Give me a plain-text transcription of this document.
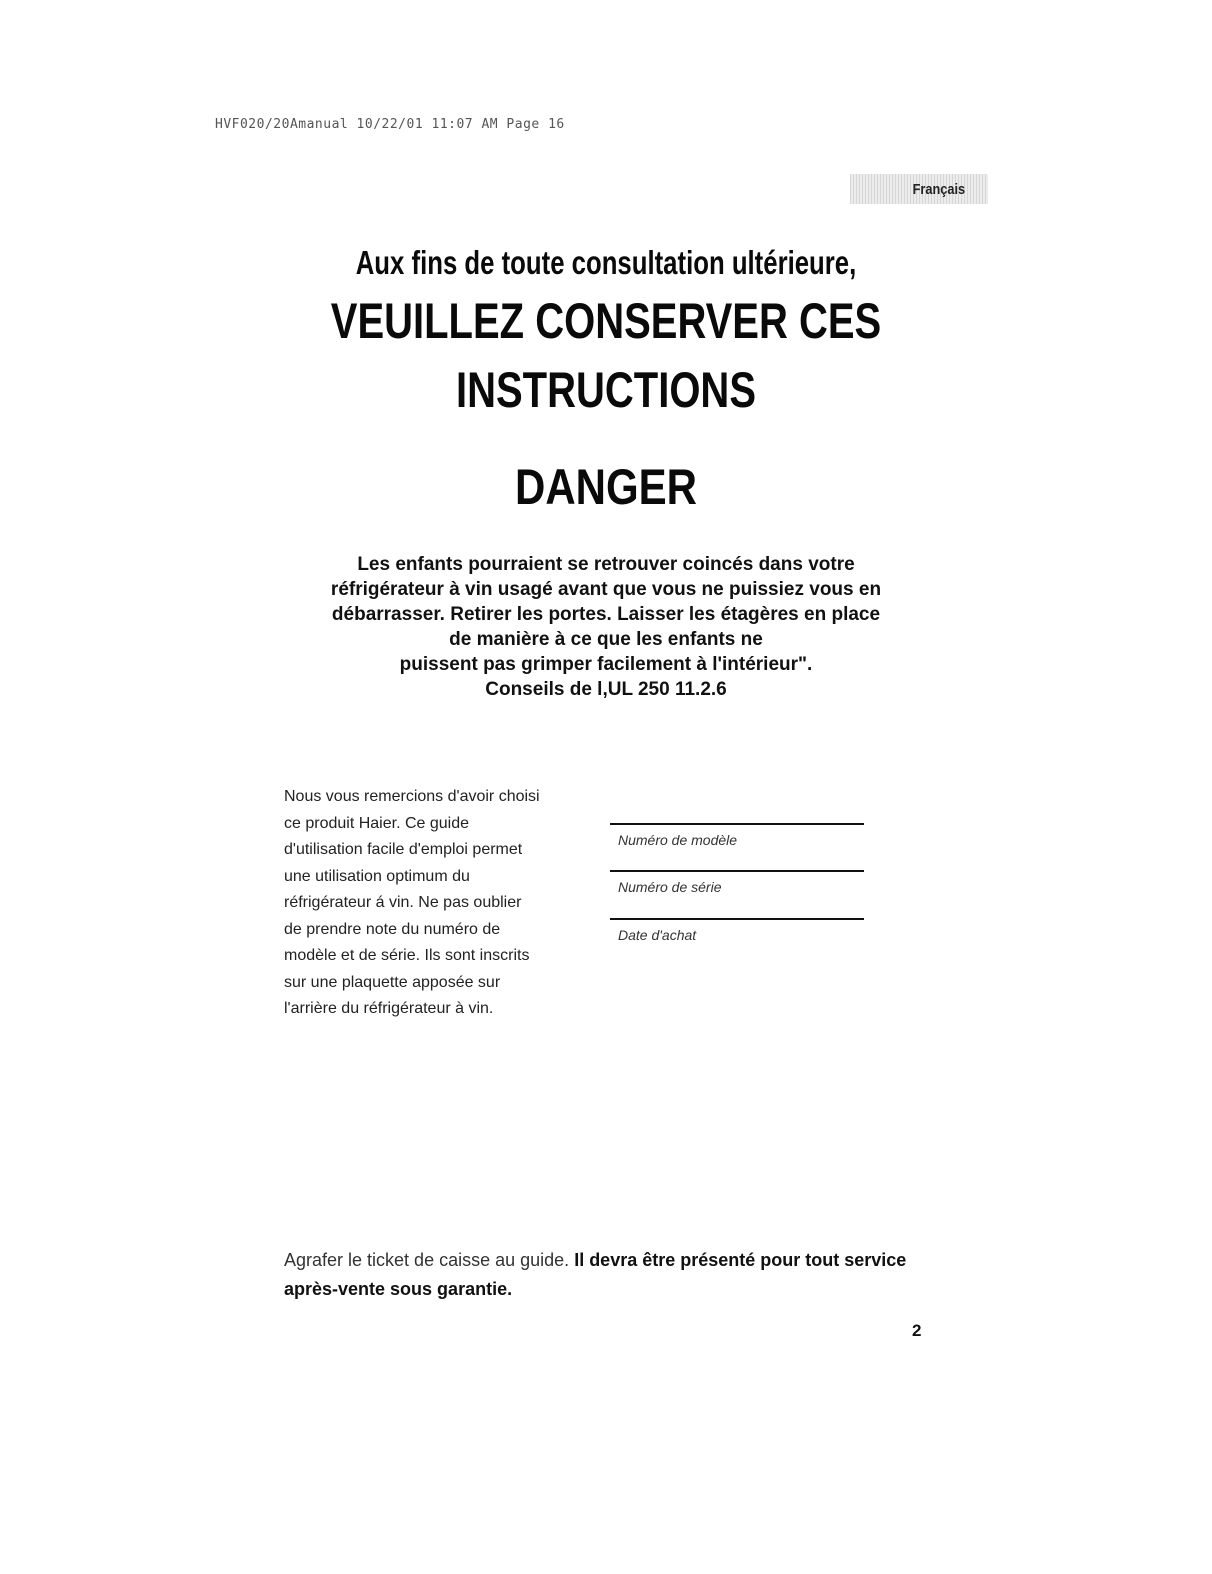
HVF020/20Amanual 10/22/01 11:07 AM Page 16
Français
Aux fins de toute consultation ultérieure,
VEUILLEZ CONSERVER CES
INSTRUCTIONS
DANGER
Les enfants pourraient se retrouver coincés dans votre
réfrigérateur à vin usagé avant que vous ne puissiez vous en
débarrasser. Retirer les portes. Laisser les étagères en place
de manière à ce que les enfants ne
puissent pas grimper facilement à l'intérieur".
Conseils de l,UL 250 11.2.6
Nous vous remercions d'avoir choisi
ce produit Haier. Ce guide
d'utilisation facile d'emploi permet
une utilisation optimum du
réfrigérateur á vin. Ne pas oublier
de prendre note du numéro de
modèle et de série. Ils sont inscrits
sur une plaquette apposée sur
l'arrière du réfrigérateur à vin.
Numéro de modèle
Numéro de série
Date d'achat
Agrafer le ticket de caisse au guide. Il devra être présenté pour tout service après-vente sous garantie.
2
